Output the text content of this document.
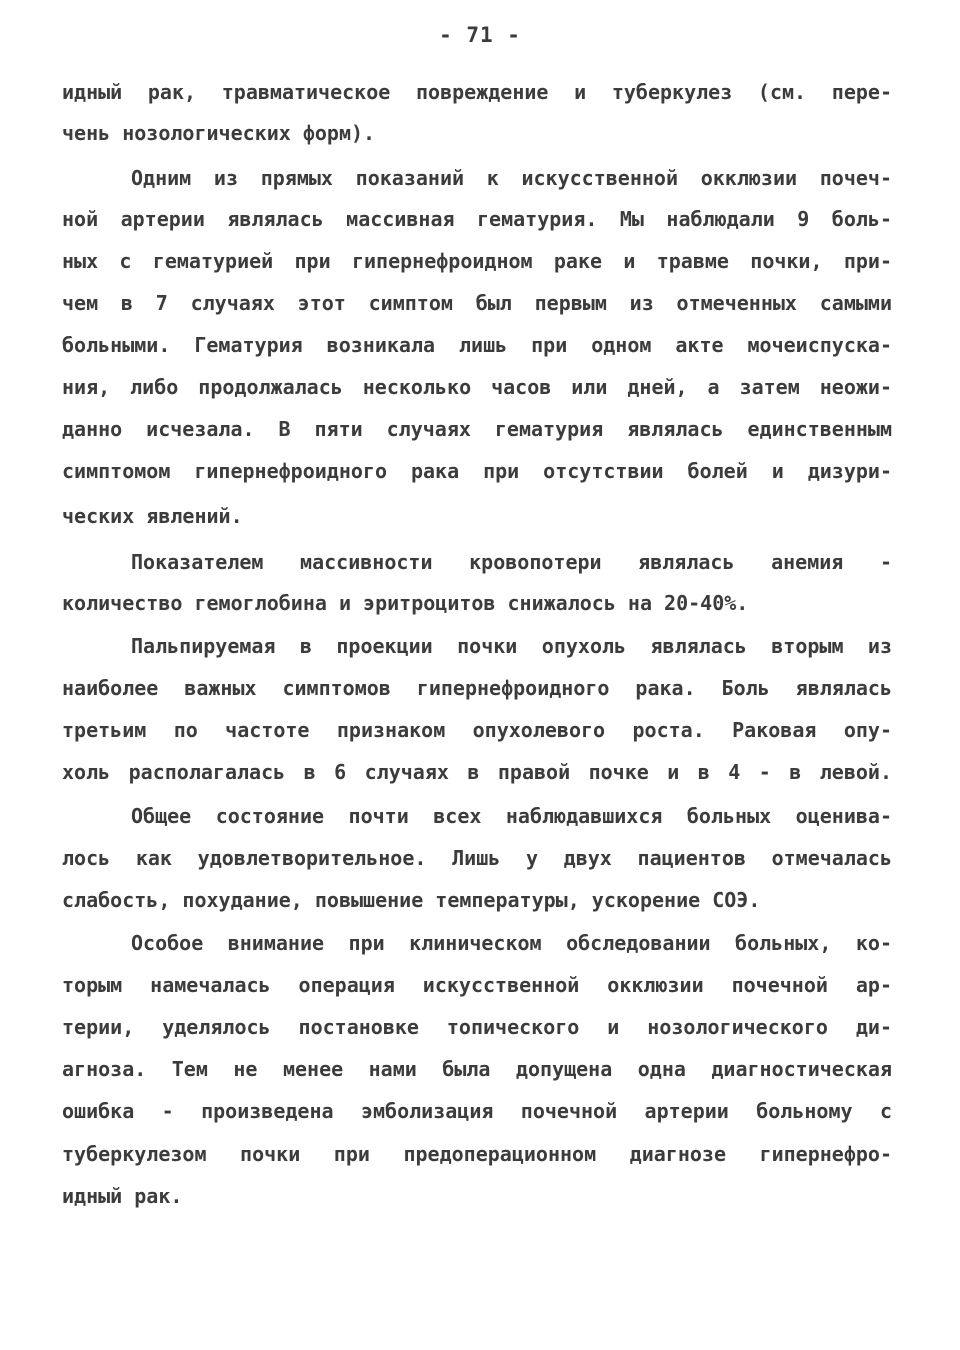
- 71 -
идный рак, травматическое повреждение и туберкулез (см. пере-
чень нозологических форм).
Одним из прямых показаний к искусственной окклюзии почеч-
ной артерии являлась массивная гематурия. Мы наблюдали 9 боль-
ных с гематурией при гипернефроидном раке и травме почки, при-
чем в 7 случаях этот симптом был первым из отмеченных самыми
больными. Гематурия возникала лишь при одном акте мочеиспуска-
ния, либо продолжалась несколько часов или дней, а затем неожи-
данно исчезала. В пяти случаях гематурия являлась единственным
симптомом гипернефроидного рака при отсутствии болей и дизури-
ческих явлений.
Показателем массивности кровопотери являлась анемия -
количество гемоглобина и эритроцитов снижалось на 20-40%.
Пальпируемая в проекции почки опухоль являлась вторым из
наиболее важных симптомов гипернефроидного рака. Боль являлась
третьим по частоте признаком опухолевого роста. Раковая опу-
холь располагалась в 6 случаях в правой почке и в 4 - в левой.
Общее состояние почти всех наблюдавшихся больных оценива-
лось как удовлетворительное. Лишь у двух пациентов отмечалась
слабость, похудание, повышение температуры, ускорение СОЭ.
Особое внимание при клиническом обследовании больных, ко-
торым намечалась операция искусственной окклюзии почечной ар-
терии, уделялось постановке топического и нозологического ди-
агноза. Тем не менее нами была допущена одна диагностическая
ошибка - произведена эмболизация почечной артерии больному с
туберкулезом почки при предоперационном диагнозе гипернефро-
идный рак.
